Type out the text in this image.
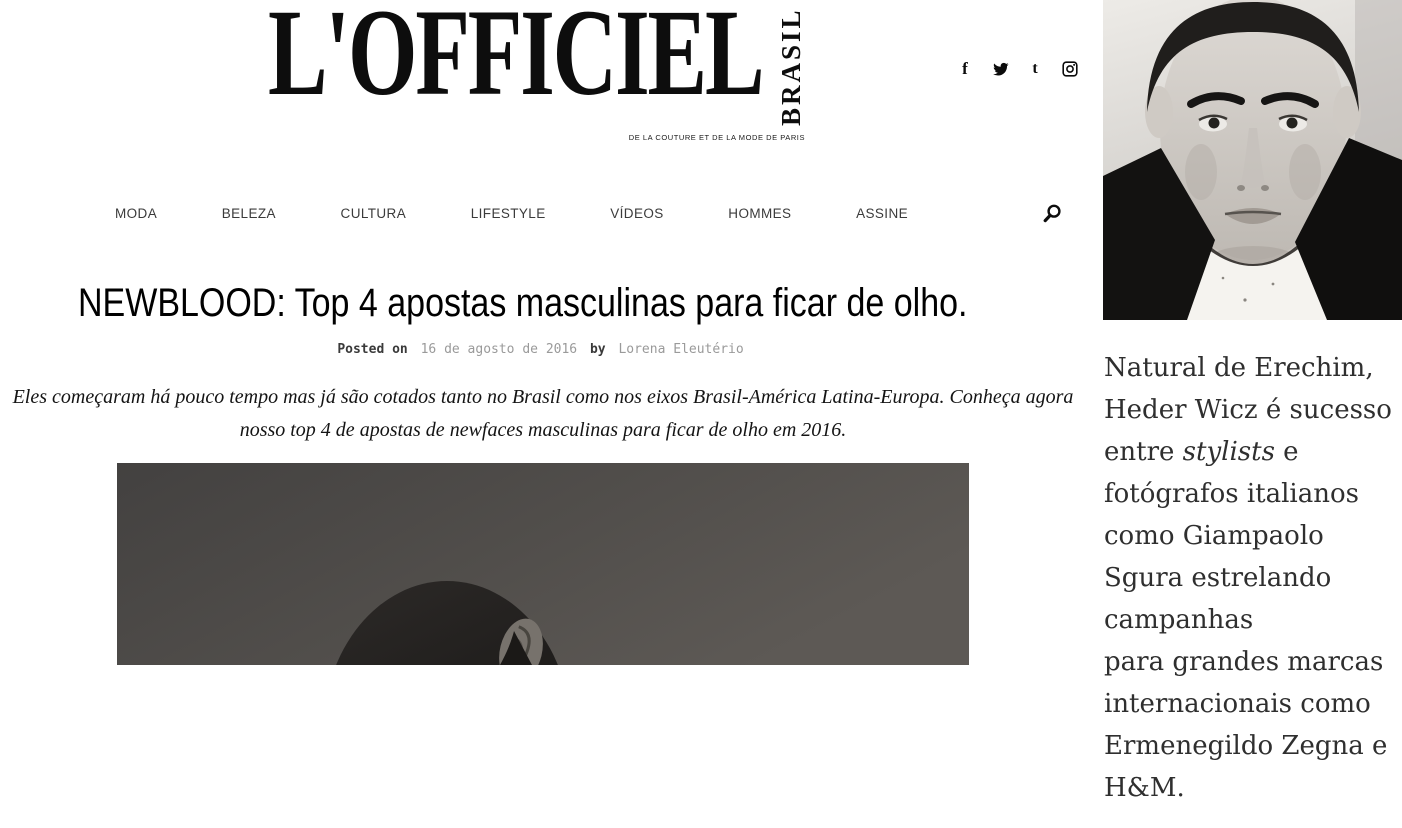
L'OFFICIEL BRASIL
DE LA COUTURE ET DE LA MODE DE PARIS
f	t
MODA	BELEZA	CULTURA	LIFESTYLE	VÍDEOS	HOMMES	ASSINE
NEWBLOOD: Top 4 apostas masculinas para ficar de olho.
Posted on 16 de agosto de 2016 by Lorena Eleutério
Eles começaram há pouco tempo mas já são cotados tanto no Brasil como nos eixos Brasil-América Latina-Europa. Conheça agora
nosso top 4 de apostas de newfaces masculinas para ficar de olho em 2016.
Natural de Erechim,
Heder Wicz é sucesso
entre stylists e
fotógrafos italianos
como Giampaolo
Sgura estrelando
campanhas
para grandes marcas
internacionais como
Ermenegildo Zegna e
H&M.
